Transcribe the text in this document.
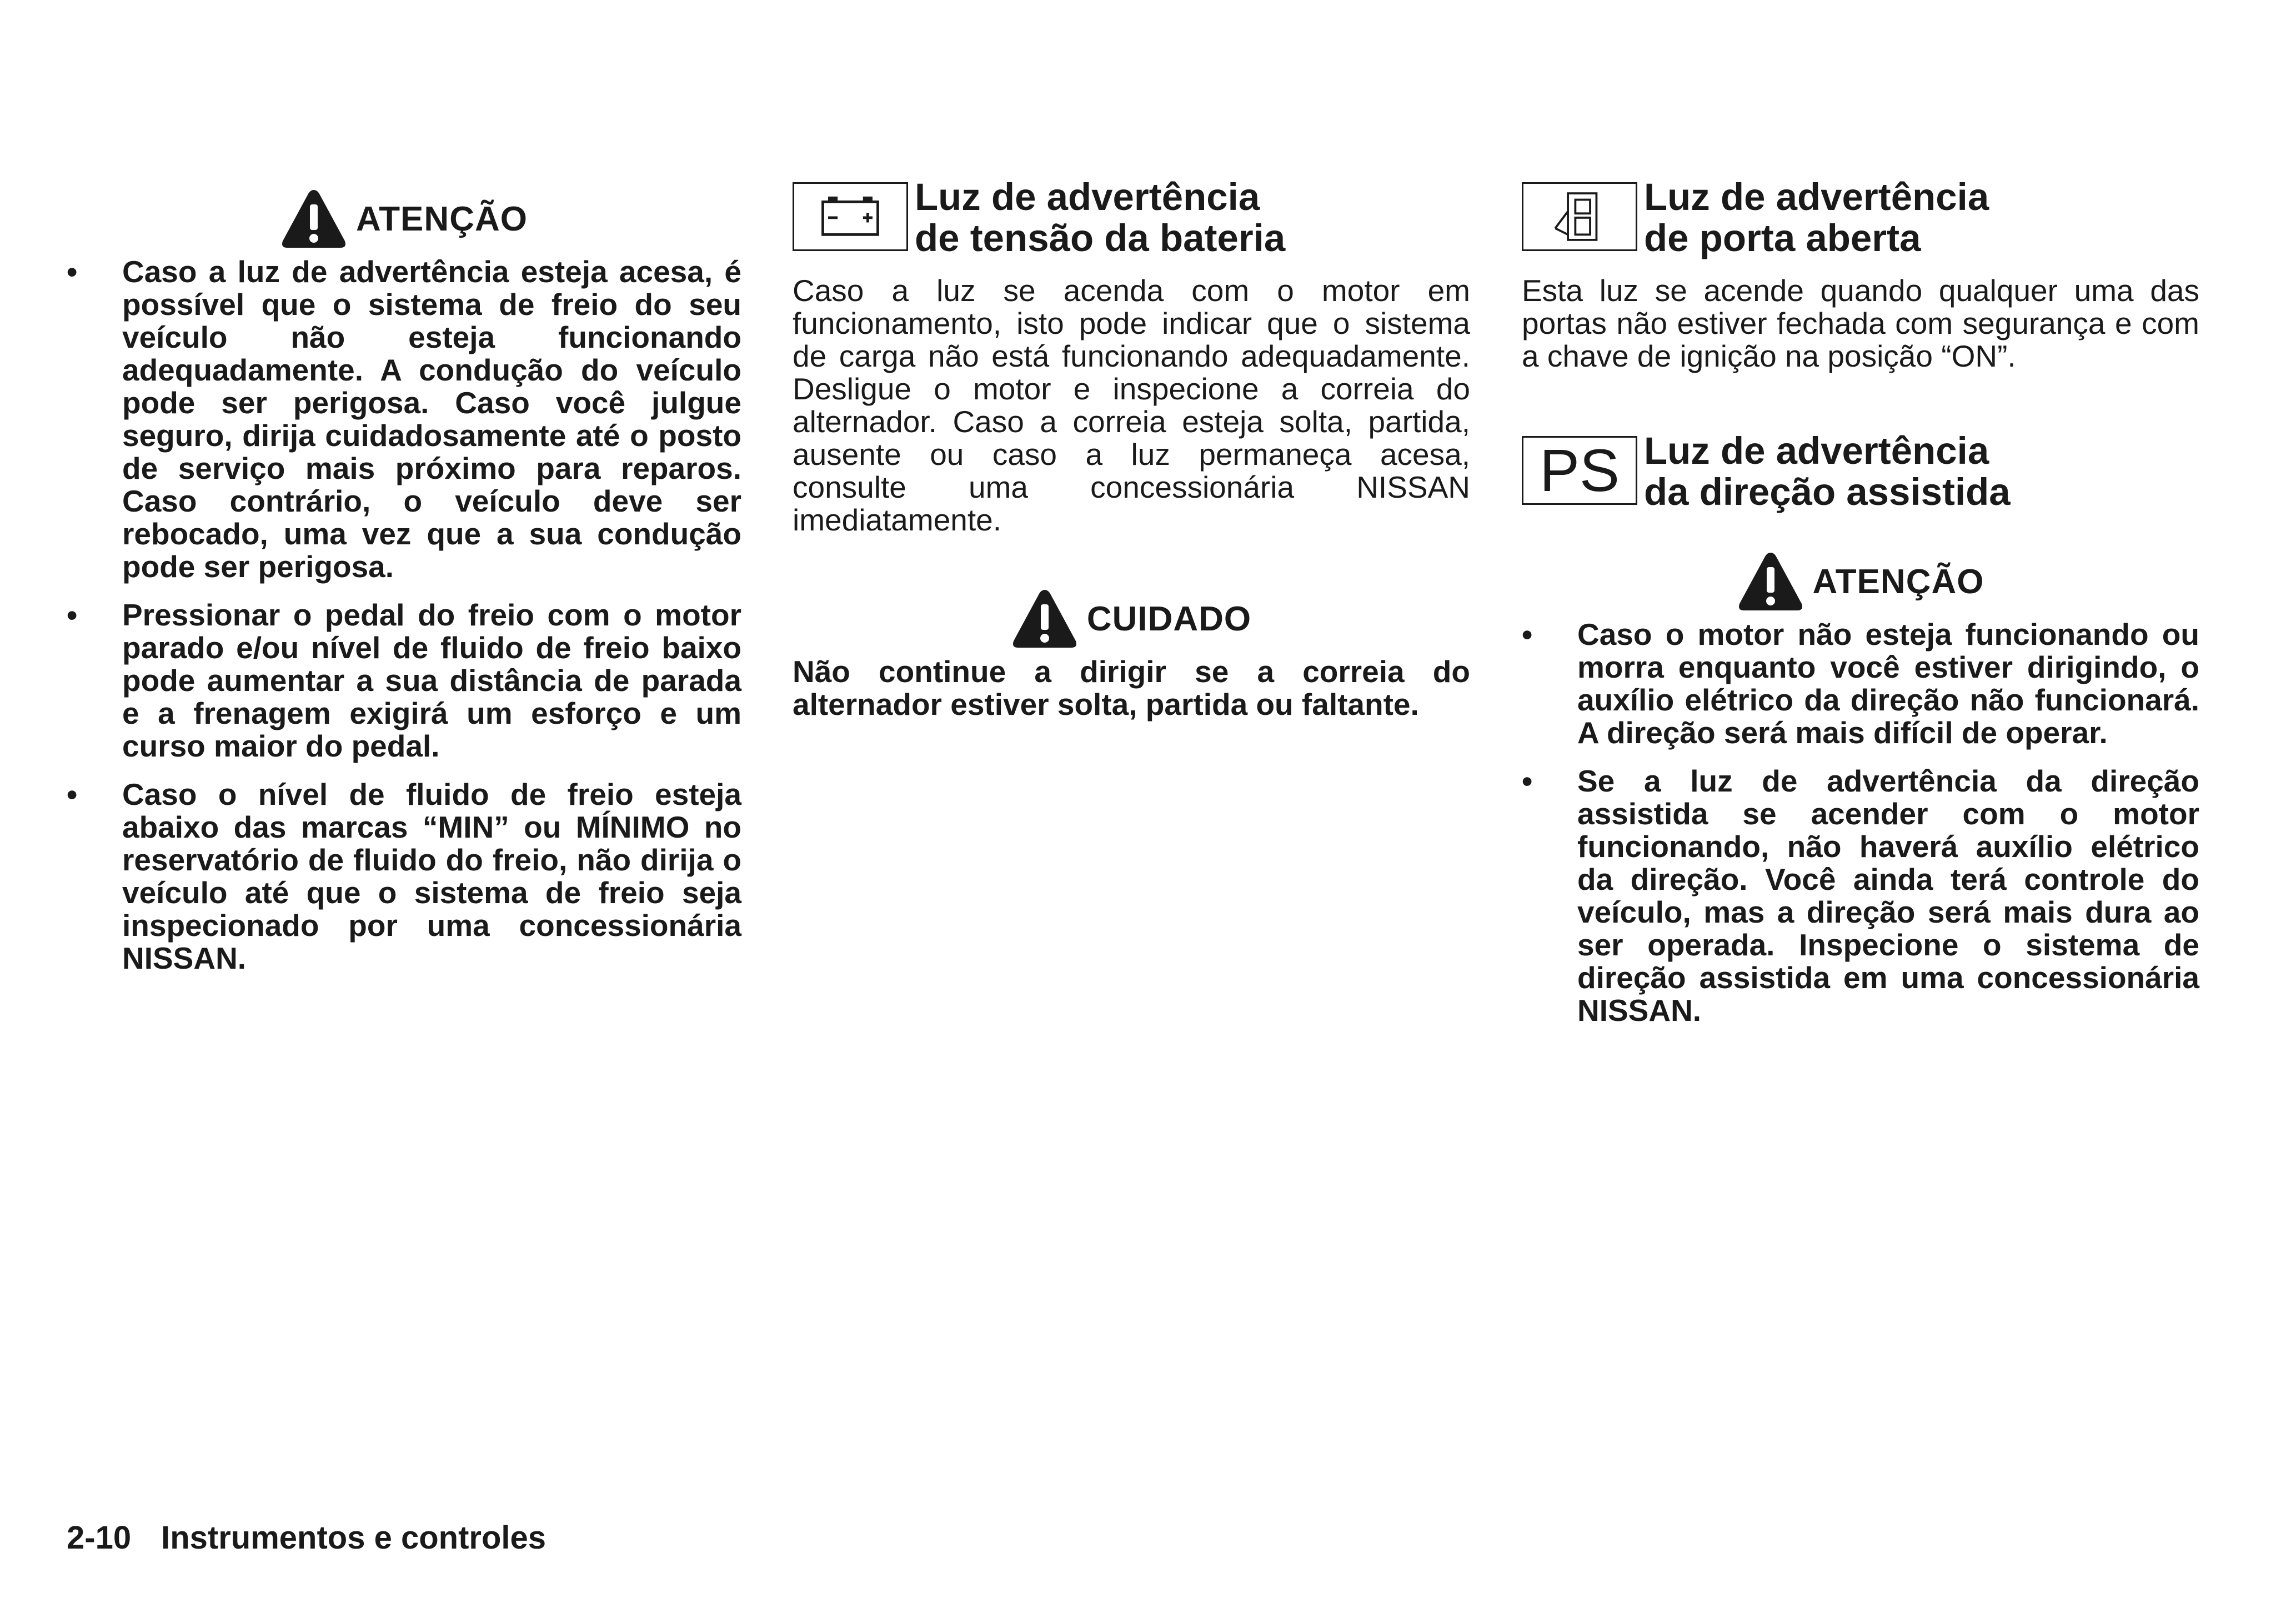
ATENÇÃO
• Caso a luz de advertência esteja acesa, é possível que o sistema de freio do seu veículo não esteja funcionando adequadamente. A condução do veículo pode ser perigosa. Caso você julgue seguro, dirija cuidadosamente até o posto de serviço mais próximo para reparos. Caso contrário, o veículo deve ser rebocado, uma vez que a sua condução pode ser perigosa.
• Pressionar o pedal do freio com o motor parado e/ou nível de fluido de freio baixo pode aumentar a sua distância de parada e a frenagem exigirá um esforço e um curso maior do pedal.
• Caso o nível de fluido de freio esteja abaixo das marcas “MIN” ou MÍNIMO no reservatório de fluido do freio, não dirija o veículo até que o sistema de freio seja inspecionado por uma concessionária NISSAN.
Luz de advertência
de tensão da bateria

Caso a luz se acenda com o motor em funcionamento, isto pode indicar que o sistema de carga não está funcionando adequadamente. Desligue o motor e inspecione a correia do alternador. Caso a correia esteja solta, partida, ausente ou caso a luz permaneça acesa, consulte uma concessionária NISSAN imediatamente.

CUIDADO

Não continue a dirigir se a correia do alternador estiver solta, partida ou faltante.

Luz de advertência
de porta aberta

Esta luz se acende quando qualquer uma das portas não estiver fechada com segurança e com a chave de ignição na posição “ON”.

PS Luz de advertência
da direção assistida
ATENÇÃO
• Caso o motor não esteja funcionando ou morra enquanto você estiver dirigindo, o auxílio elétrico da direção não funcionará. A direção será mais difícil de operar.
• Se a luz de advertência da direção assistida se acender com o motor funcionando, não haverá auxílio elétrico da direção. Você ainda terá controle do veículo, mas a direção será mais dura ao ser operada. Inspecione o sistema de direção assistida em uma concessionária NISSAN.
2-10 Instrumentos e controles
